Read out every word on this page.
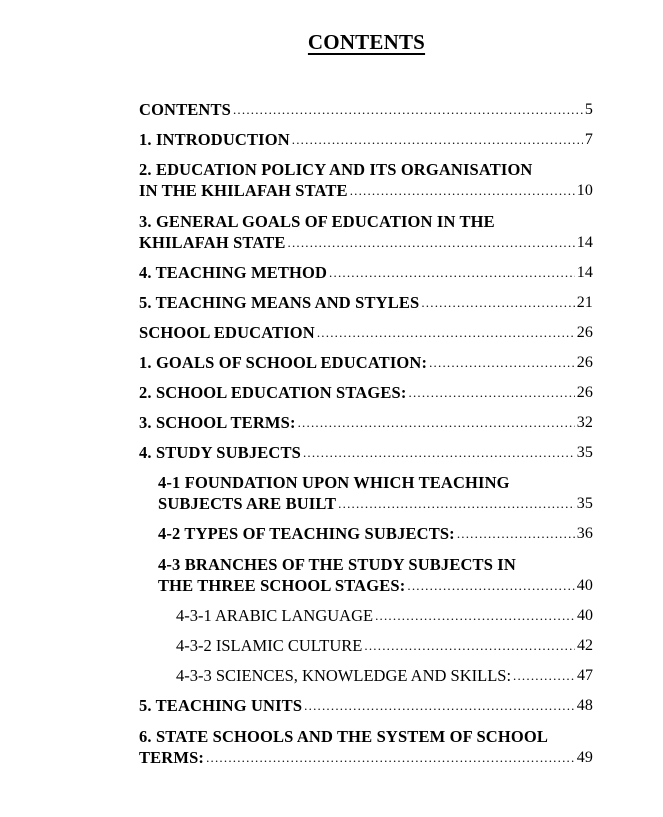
CONTENTS
CONTENTS .....	5
1. INTRODUCTION .....	7
2. EDUCATION POLICY AND ITS ORGANISATION
IN THE KHILAFAH STATE .....	10
3. GENERAL GOALS OF EDUCATION IN THE
KHILAFAH STATE .....	14
4. TEACHING METHOD .....	14
5. TEACHING MEANS AND STYLES .....	21
SCHOOL EDUCATION .....	26
1. GOALS OF SCHOOL EDUCATION: .....	26
2. SCHOOL EDUCATION STAGES: .....	26
3. SCHOOL TERMS: .....	32
4. STUDY SUBJECTS .....	35
4-1 FOUNDATION UPON WHICH TEACHING
SUBJECTS ARE BUILT .....	35
4-2 TYPES OF TEACHING SUBJECTS: .....	36
4-3 BRANCHES OF THE STUDY SUBJECTS IN
THE THREE SCHOOL STAGES: .....	40
4-3-1 ARABIC LANGUAGE .....	40
4-3-2 ISLAMIC CULTURE .....	42
4-3-3 SCIENCES, KNOWLEDGE AND SKILLS: .....	47
5. TEACHING UNITS .....	48
6. STATE SCHOOLS AND THE SYSTEM OF SCHOOL
TERMS: .....	49
